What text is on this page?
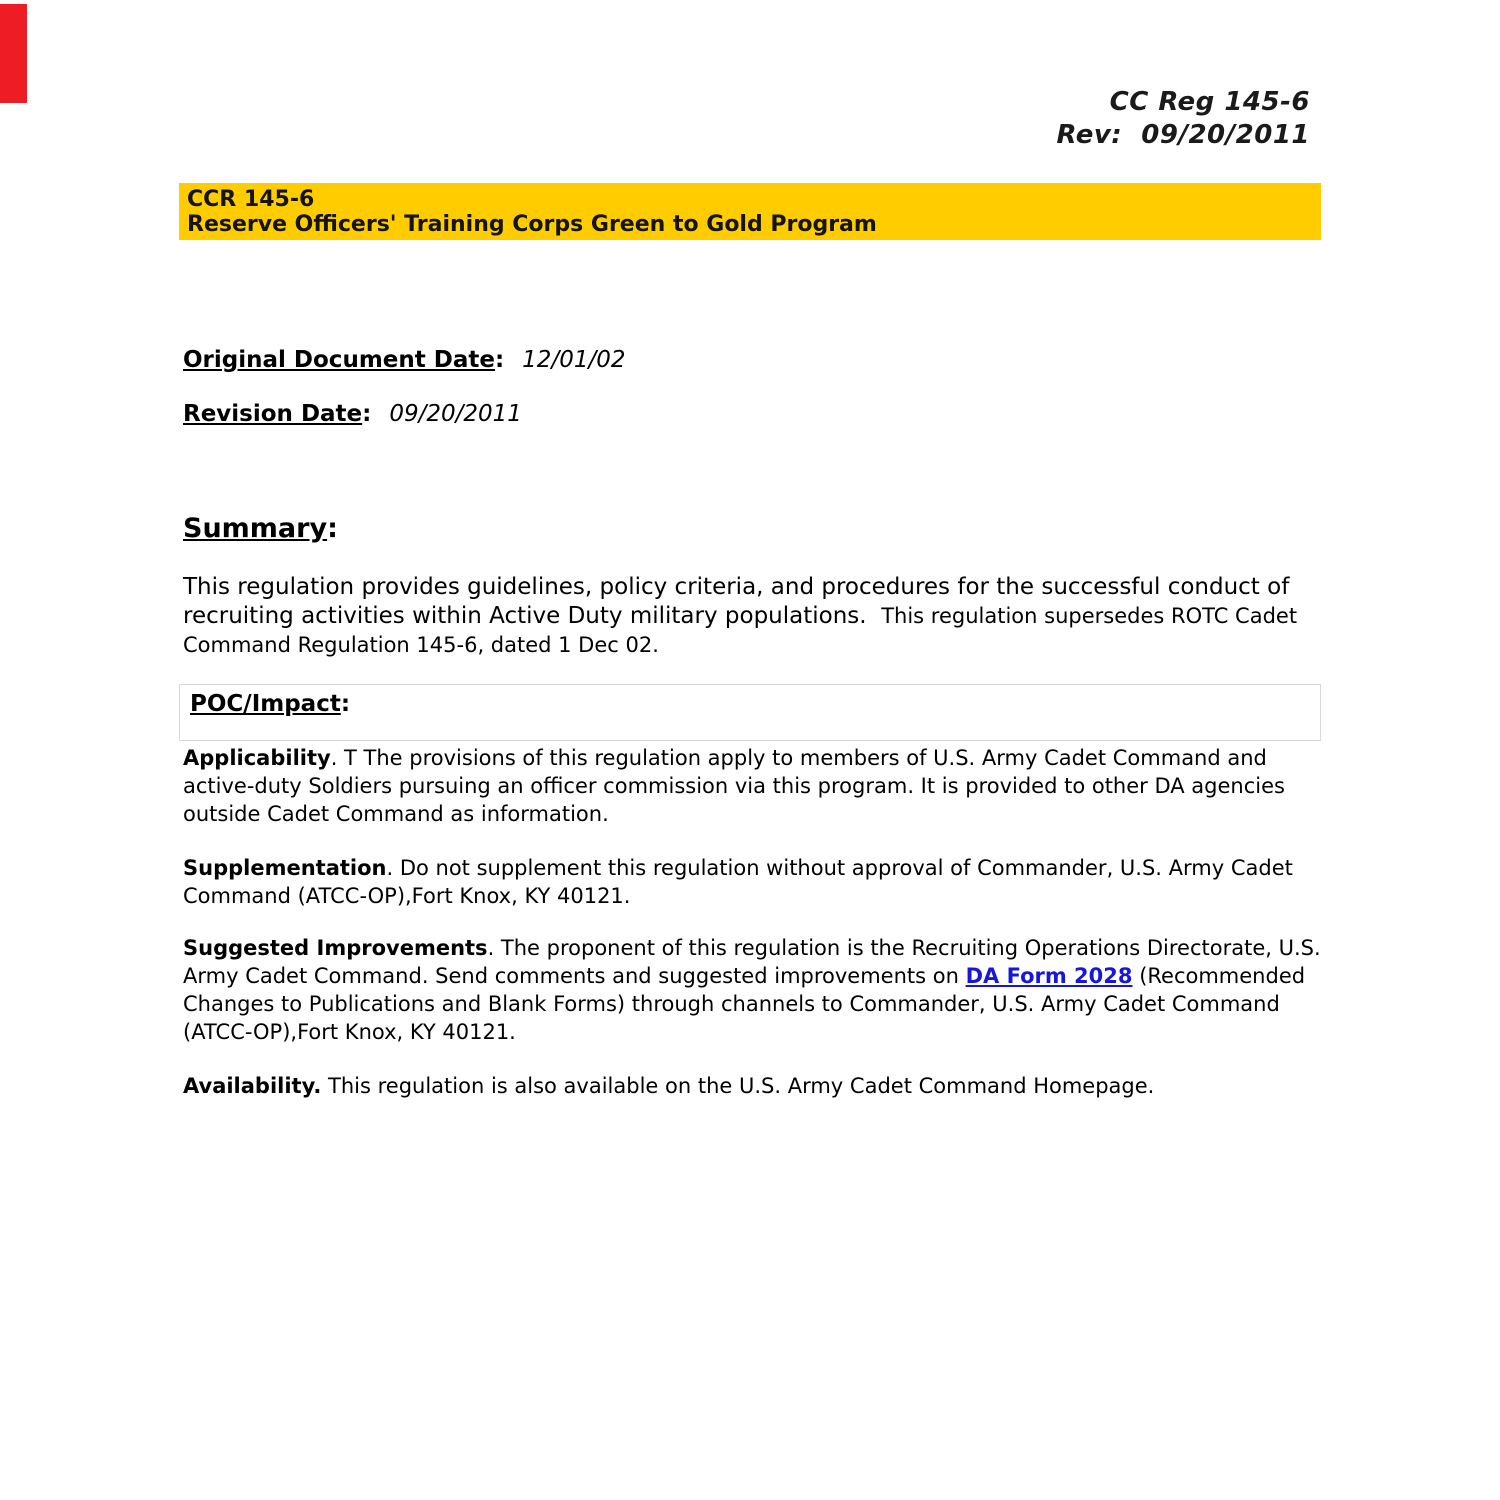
CC Reg 145-6
Rev:  09/20/2011
CCR 145-6
Reserve Officers' Training Corps Green to Gold Program
Original Document Date: 12/01/02
Revision Date: 09/20/2011
Summary:
This regulation provides guidelines, policy criteria, and procedures for the successful conduct of recruiting activities within Active Duty military populations.  This regulation supersedes ROTC Cadet Command Regulation 145-6, dated 1 Dec 02.
POC/Impact:
Applicability. T The provisions of this regulation apply to members of U.S. Army Cadet Command and active-duty Soldiers pursuing an officer commission via this program. It is provided to other DA agencies outside Cadet Command as information.
Supplementation. Do not supplement this regulation without approval of Commander, U.S. Army Cadet Command (ATCC-OP),Fort Knox, KY 40121.
Suggested Improvements. The proponent of this regulation is the Recruiting Operations Directorate, U.S. Army Cadet Command. Send comments and suggested improvements on DA Form 2028 (Recommended Changes to Publications and Blank Forms) through channels to Commander, U.S. Army Cadet Command (ATCC-OP),Fort Knox, KY 40121.
Availability. This regulation is also available on the U.S. Army Cadet Command Homepage.
